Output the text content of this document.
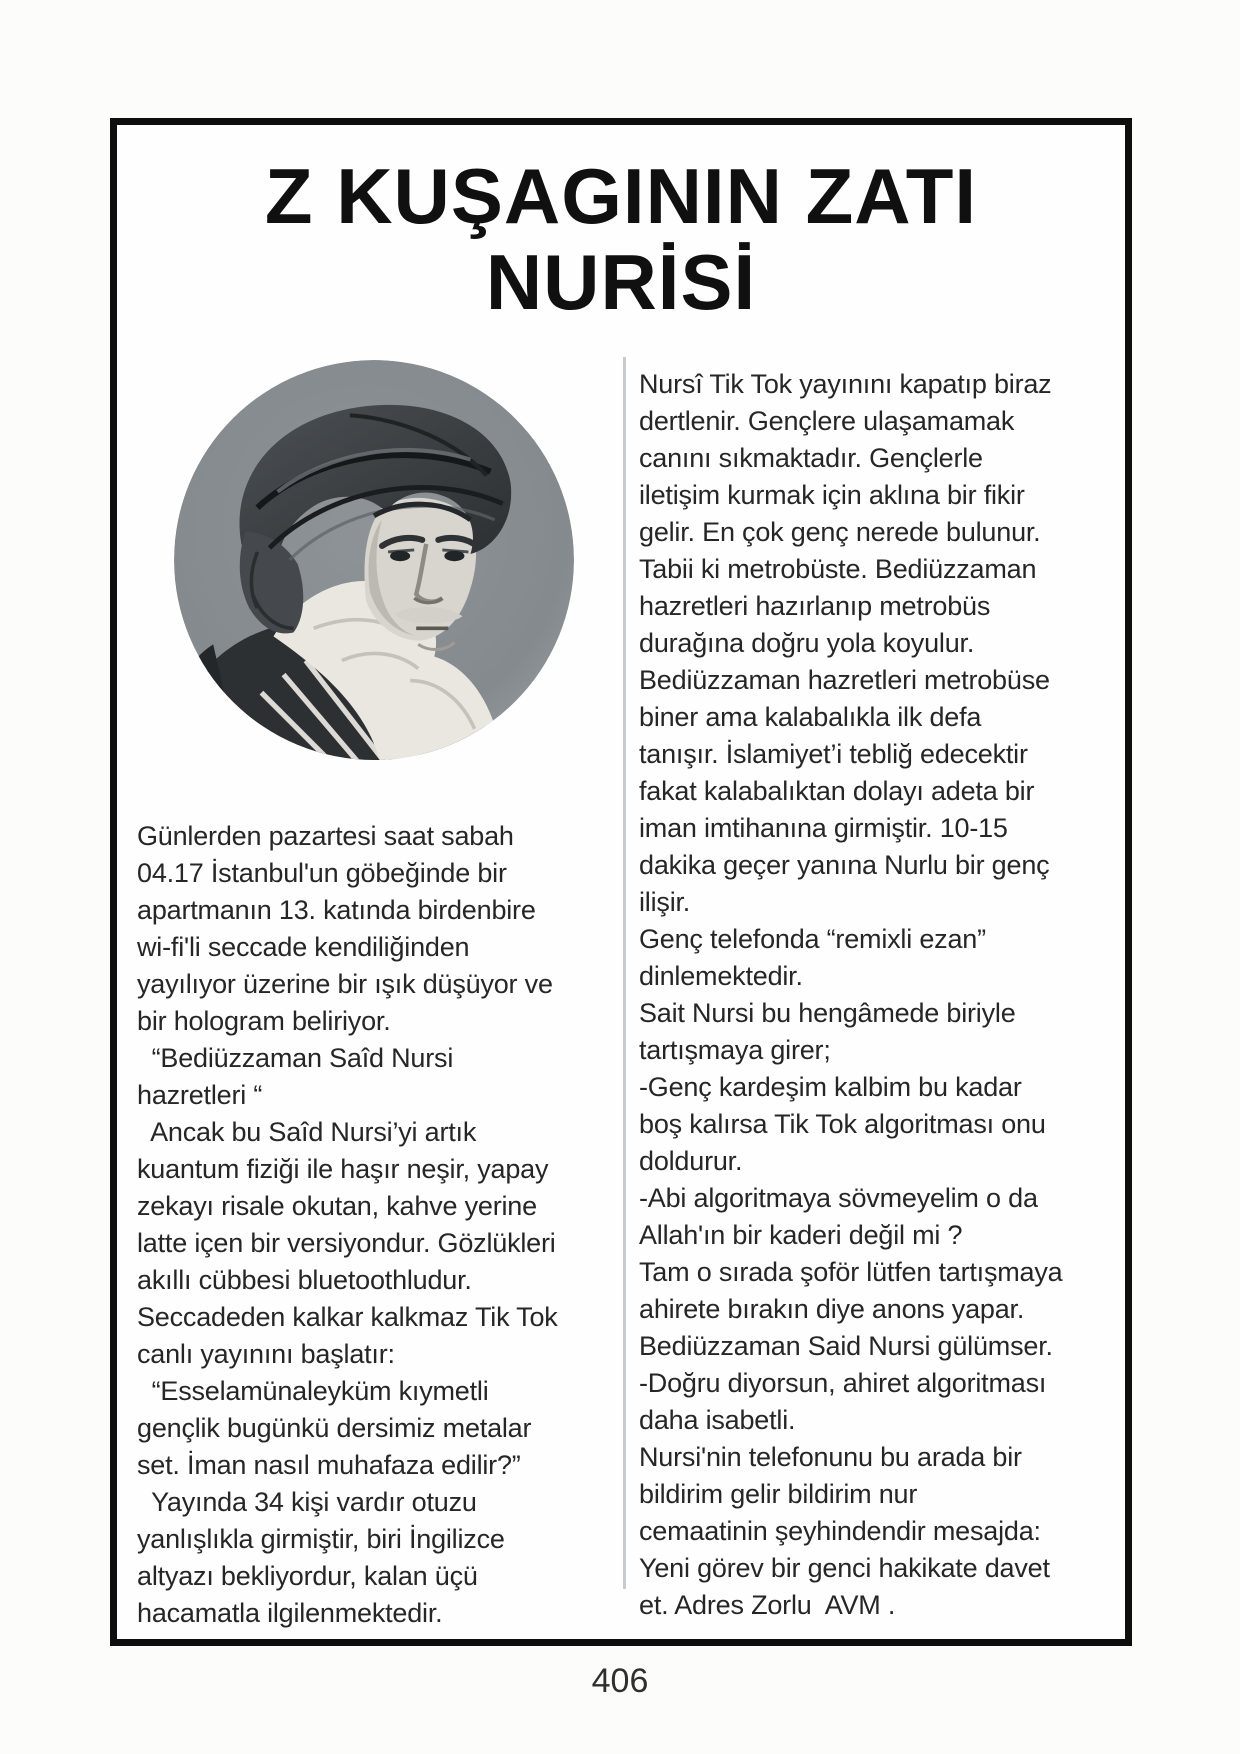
Z KUŞAGININ ZATI
NURİSİ
Günlerden pazartesi saat sabah
04.17 İstanbul'un göbeğinde bir
apartmanın 13. katında birdenbire
wi-fi'li seccade kendiliğinden
yayılıyor üzerine bir ışık düşüyor ve
bir hologram beliriyor.
“Bediüzzaman Saîd Nursi
hazretleri “
Ancak bu Saîd Nursi’yi artık
kuantum fiziği ile haşır neşir, yapay
zekayı risale okutan, kahve yerine
latte içen bir versiyondur. Gözlükleri
akıllı cübbesi bluetoothludur.
Seccadeden kalkar kalkmaz Tik Tok
canlı yayınını başlatır:
“Esselamünaleyküm kıymetli
gençlik bugünkü dersimiz metalar
set. İman nasıl muhafaza edilir?”
Yayında 34 kişi vardır otuzu
yanlışlıkla girmiştir, biri İngilizce
altyazı bekliyordur, kalan üçü
hacamatla ilgilenmektedir.
Nursî Tik Tok yayınını kapatıp biraz
dertlenir. Gençlere ulaşamamak
canını sıkmaktadır. Gençlerle
iletişim kurmak için aklına bir fikir
gelir. En çok genç nerede bulunur.
Tabii ki metrobüste. Bediüzzaman
hazretleri hazırlanıp metrobüs
durağına doğru yola koyulur.
Bediüzzaman hazretleri metrobüse
biner ama kalabalıkla ilk defa
tanışır. İslamiyet’i tebliğ edecektir
fakat kalabalıktan dolayı adeta bir
iman imtihanına girmiştir. 10-15
dakika geçer yanına Nurlu bir genç
ilişir.
Genç telefonda “remixli ezan”
dinlemektedir.
Sait Nursi bu hengâmede biriyle
tartışmaya girer;
-Genç kardeşim kalbim bu kadar
boş kalırsa Tik Tok algoritması onu
doldurur.
-Abi algoritmaya sövmeyelim o da
Allah'ın bir kaderi değil mi ?
Tam o sırada şoför lütfen tartışmaya
ahirete bırakın diye anons yapar.
Bediüzzaman Said Nursi gülümser.
-Doğru diyorsun, ahiret algoritması
daha isabetli.
Nursi'nin telefonunu bu arada bir
bildirim gelir bildirim nur
cemaatinin şeyhindendir mesajda:
Yeni görev bir genci hakikate davet
et. Adres Zorlu  AVM .
406
